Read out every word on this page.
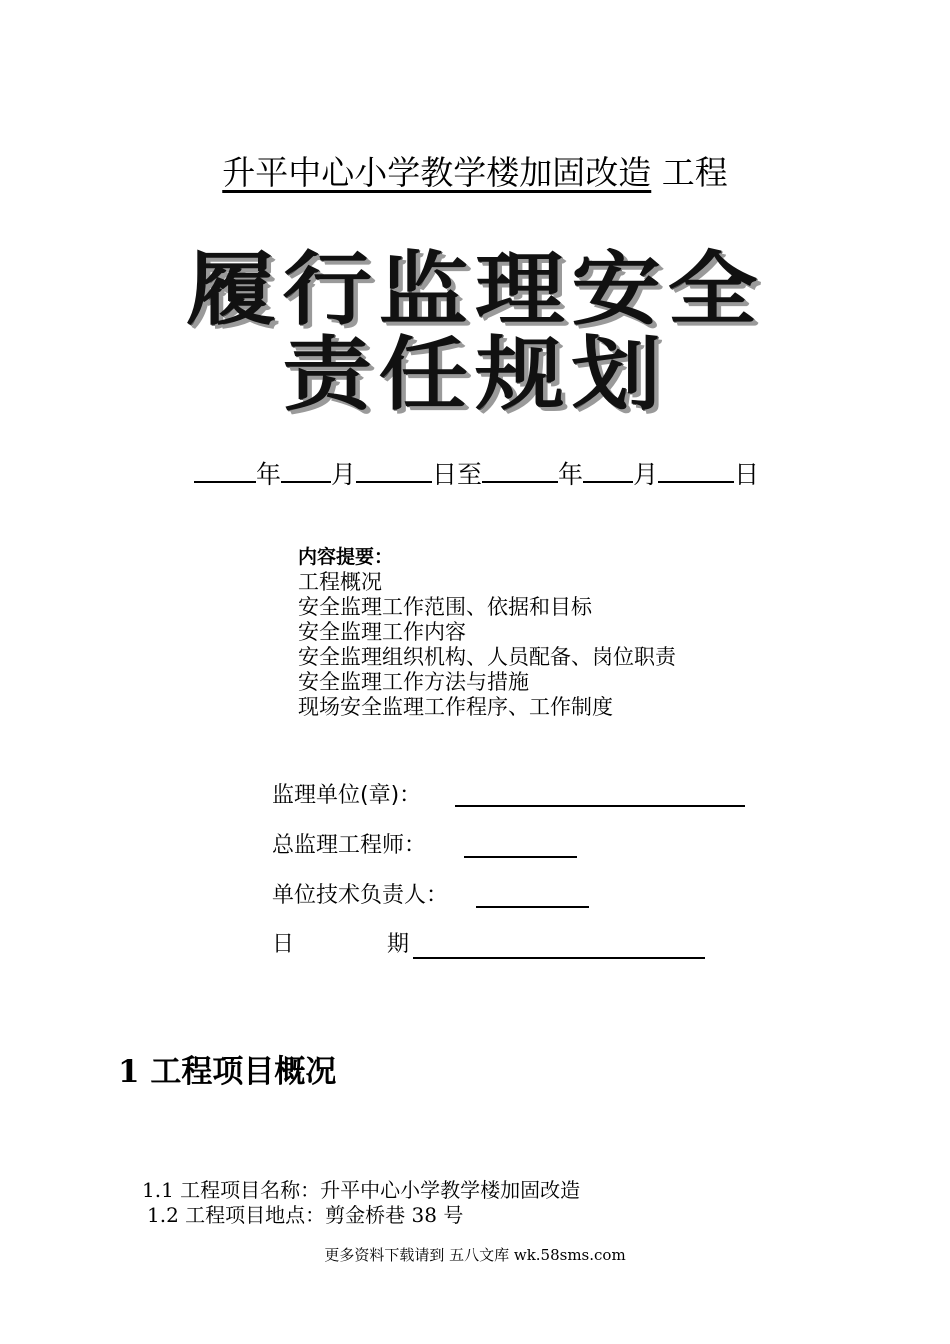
升平中心小学教学楼加固改造 工程
履行监理安全
责任规划
年 月	日至	年 月	日
内容提要：
工程概况
安全监理工作范围、依据和目标
安全监理工作内容
安全监理组织机构、人员配备、岗位职责
安全监理工作方法与措施
现场安全监理工作程序、工作制度
监理单位(章)：
总监理工程师：
单位技术负责人：
日	期
1 工程项目概况
1.1 工程项目名称：升平中心小学教学楼加固改造
1.2 工程项目地点：剪金桥巷 38 号
更多资料下载请到 五八文库 wk.58sms.com
